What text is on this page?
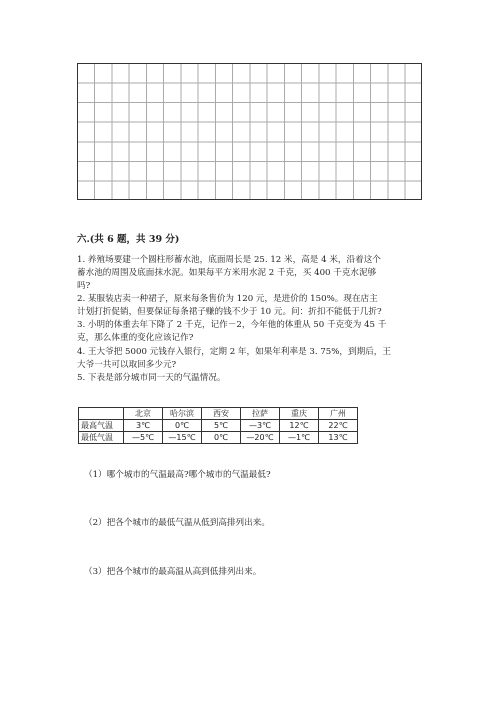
六.(共 6 题，共 39 分)
1. 养殖场要建一个圆柱形蓄水池，底面周长是 25. 12 米，高是 4 米，沿着这个
蓄水池的周围及底面抹水泥。如果每平方米用水泥 2 千克，买 400 千克水泥够
吗?
2. 某服装店卖一种裙子，原来每条售价为 120 元，是进价的 150%。现在店主
计划打折促销，但要保证每条裙子赚的钱不少于 10 元。问：折扣不能低于几折?
3. 小明的体重去年下降了 2 千克，记作－2，今年他的体重从 50 千克变为 45 千
克，那么体重的变化应该记作?
4. 王大爷把 5000 元钱存入银行，定期 2 年，如果年利率是 3. 75%，到期后，王
大爷一共可以取回多少元?
5. 下表是部分城市同一天的气温情况。
	北京	哈尔滨	西安	拉萨	重庆	广州
最高气温	3℃	0℃	5℃	—3℃	12℃	22℃
最低气温	—5℃	—15℃	0℃	—20℃	—1℃	13℃
（1）哪个城市的气温最高?哪个城市的气温最低?
（2）把各个城市的最低气温从低到高排列出来。
（3）把各个城市的最高温从高到低排列出来。
